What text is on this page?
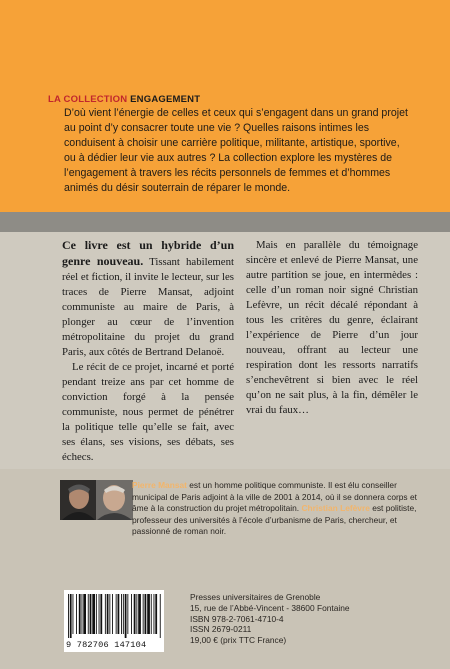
LA COLLECTION ENGAGEMENT

D’où vient l’énergie de celles et ceux qui s’engagent dans un grand projet au point d’y consacrer toute une vie ? Quelles raisons intimes les conduisent à choisir une carrière politique, militante, artistique, sportive, ou à dédier leur vie aux autres ? La collection explore les mystères de l’engagement à travers les récits personnels de femmes et d’hommes animés du désir souterrain de réparer le monde.

Ce livre est un hybride d’un genre nouveau. Tissant habilement réel et fiction, il invite le lecteur, sur les traces de Pierre Mansat, adjoint communiste au maire de Paris, à plonger au cœur de l’invention métropolitaine du projet du grand Paris, aux côtés de Bertrand Delanoë.

Le récit de ce projet, incarné et porté pendant treize ans par cet homme de conviction forgé à la pensée communiste, nous permet de pénétrer la politique telle qu’elle se fait, avec ses élans, ses visions, ses débats, ses échecs.

Mais en parallèle du témoignage sincère et enlevé de Pierre Mansat, une autre partition se joue, en intermèdes : celle d’un roman noir signé Christian Lefèvre, un récit décalé répondant à tous les critères du genre, éclairant l’expérience de Pierre d’un jour nouveau, offrant au lecteur une respiration dont les ressorts narratifs s’enchevêtrent si bien avec le réel qu’on ne sait plus, à la fin, démêler le vrai du faux…

Pierre Mansat est un homme politique communiste. Il est élu conseiller municipal de Paris adjoint à la ville de 2001 à 2014, où il se donnera corps et âme à la construction du projet métropolitain. Christian Lefèvre est politiste, professeur des universités à l’école d’urbanisme de Paris, chercheur, et passionné de roman noir.

9 782706 147104
Presses universitaires de Grenoble
15, rue de l’Abbé-Vincent - 38600 Fontaine
ISBN 978-2-7061-4710-4
ISSN 2679-0211
19,00 € (prix TTC France)
